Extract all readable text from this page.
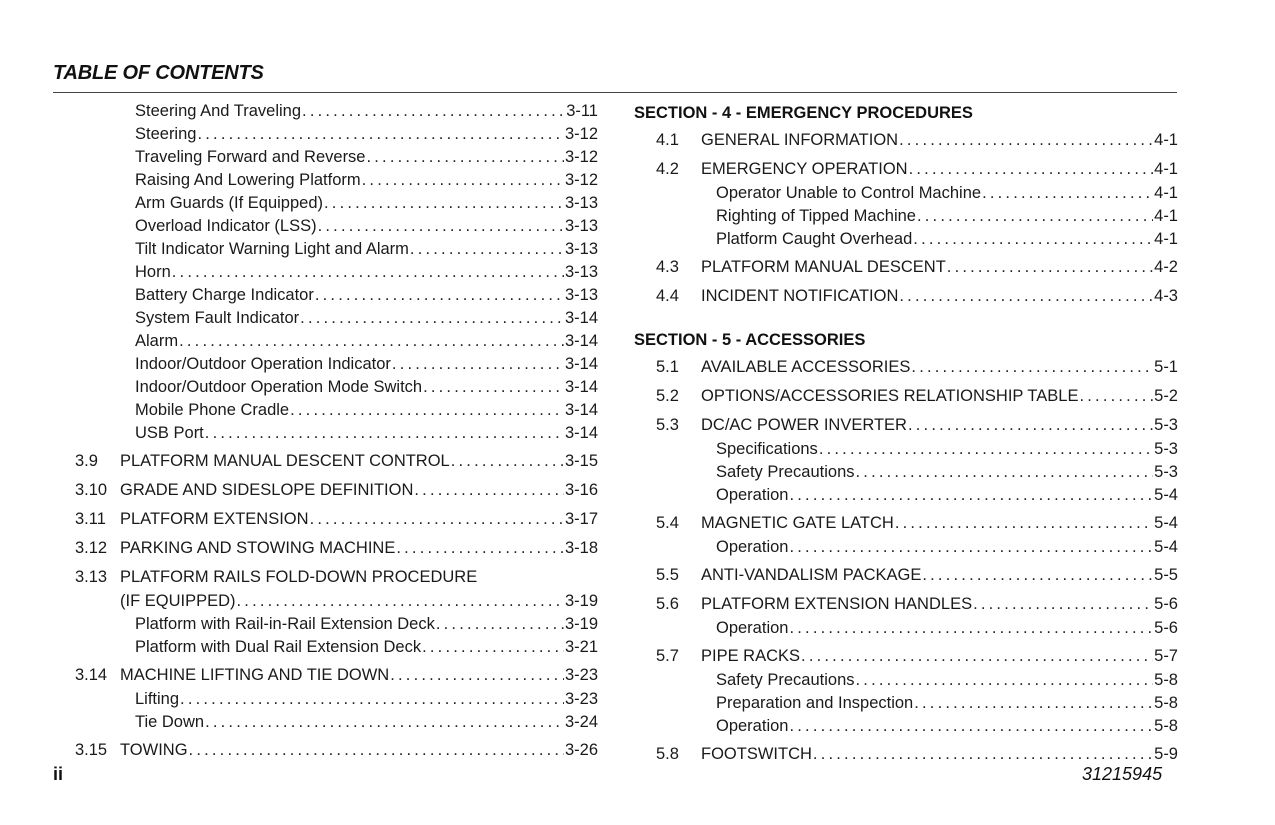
TABLE OF CONTENTS
Steering And Traveling .....	3-11
Steering .....	3-12
Traveling Forward and Reverse .....	3-12
Raising And Lowering Platform .....	3-12
Arm Guards (If Equipped) .....	3-13
Overload Indicator (LSS) .....	3-13
Tilt Indicator Warning Light and Alarm .....	3-13
Horn .....	3-13
Battery Charge Indicator .....	3-13
System Fault Indicator .....	3-14
Alarm .....	3-14
Indoor/Outdoor Operation Indicator .....	3-14
Indoor/Outdoor Operation Mode Switch .....	3-14
Mobile Phone Cradle .....	3-14
USB Port .....	3-14
3.9	PLATFORM MANUAL DESCENT CONTROL .....	3-15
3.10 GRADE AND SIDESLOPE DEFINITION .....	3-16
3.11 PLATFORM EXTENSION .....	3-17
3.12 PARKING AND STOWING MACHINE .....	3-18
3.13 PLATFORM RAILS FOLD-DOWN PROCEDURE
(IF EQUIPPED) .....	3-19
Platform with Rail-in-Rail Extension Deck .....	3-19
Platform with Dual Rail Extension Deck .....	3-21
3.14 MACHINE LIFTING AND TIE DOWN .....	3-23
Lifting .....	3-23
Tie Down .....	3-24
3.15 TOWING .....	3-26
SECTION - 4 - EMERGENCY PROCEDURES
4.1	GENERAL INFORMATION .....	4-1
4.2	EMERGENCY OPERATION .....	4-1
Operator Unable to Control Machine .....	4-1
Righting of Tipped Machine .....	4-1
Platform Caught Overhead .....	4-1
4.3	PLATFORM MANUAL DESCENT .....	4-2
4.4	INCIDENT NOTIFICATION .....	4-3
SECTION - 5 - ACCESSORIES
5.1	AVAILABLE ACCESSORIES .....	5-1
5.2	OPTIONS/ACCESSORIES RELATIONSHIP TABLE .....	5-2
5.3	DC/AC POWER INVERTER .....	5-3
Specifications .....	5-3
Safety Precautions .....	5-3
Operation .....	5-4
5.4	MAGNETIC GATE LATCH .....	5-4
Operation .....	5-4
5.5	ANTI-VANDALISM PACKAGE .....	5-5
5.6	PLATFORM EXTENSION HANDLES .....	5-6
Operation .....	5-6
5.7	PIPE RACKS .....	5-7
Safety Precautions .....	5-8
Preparation and Inspection .....	5-8
Operation .....	5-8
5.8	FOOTSWITCH .....	5-9
ii	31215945
